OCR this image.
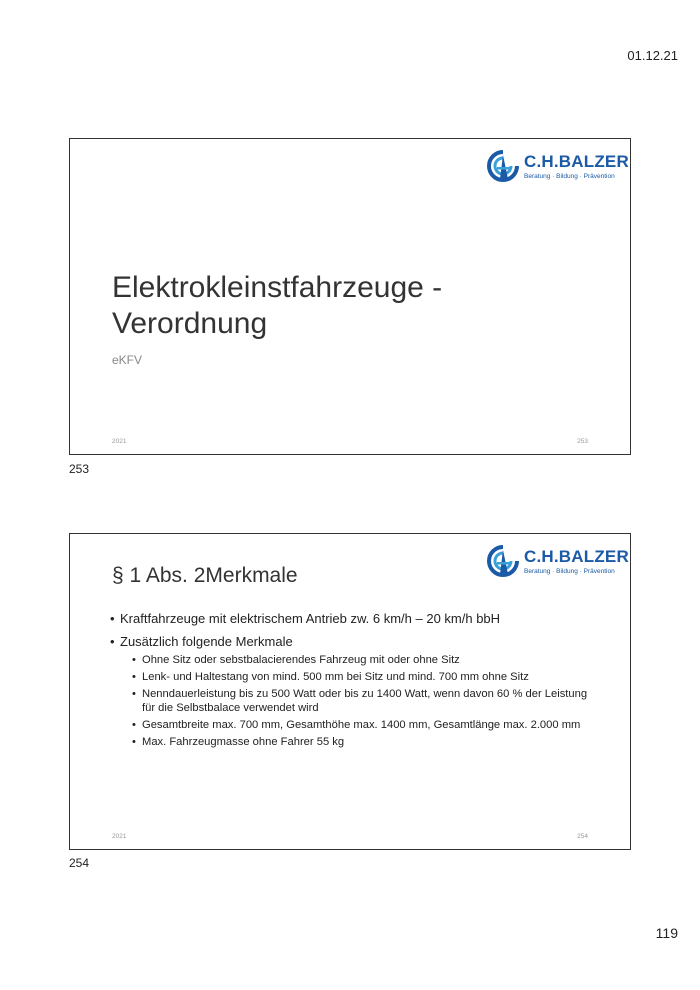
01.12.21
C.H.BALZER
Beratung · Bildung · Prävention
Elektrokleinstfahrzeuge - Verordnung
eKFV
2021	253
253
C.H.BALZER
Beratung · Bildung · Prävention
§ 1 Abs. 2Merkmale
• Kraftfahrzeuge mit elektrischem Antrieb zw. 6 km/h – 20 km/h bbH
• Zusätzlich folgende Merkmale
• Ohne Sitz oder sebstbalacierendes Fahrzeug mit oder ohne Sitz
• Lenk- und Haltestang von mind. 500 mm bei Sitz und mind. 700 mm ohne Sitz
• Nenndauerleistung bis zu 500 Watt oder bis zu 1400 Watt, wenn davon 60 % der Leistung für die Selbstbalace verwendet wird
• Gesamtbreite max. 700 mm, Gesamthöhe max. 1400 mm, Gesamtlänge max. 2.000 mm
• Max. Fahrzeugmasse ohne Fahrer 55 kg
2021	254
254
119
